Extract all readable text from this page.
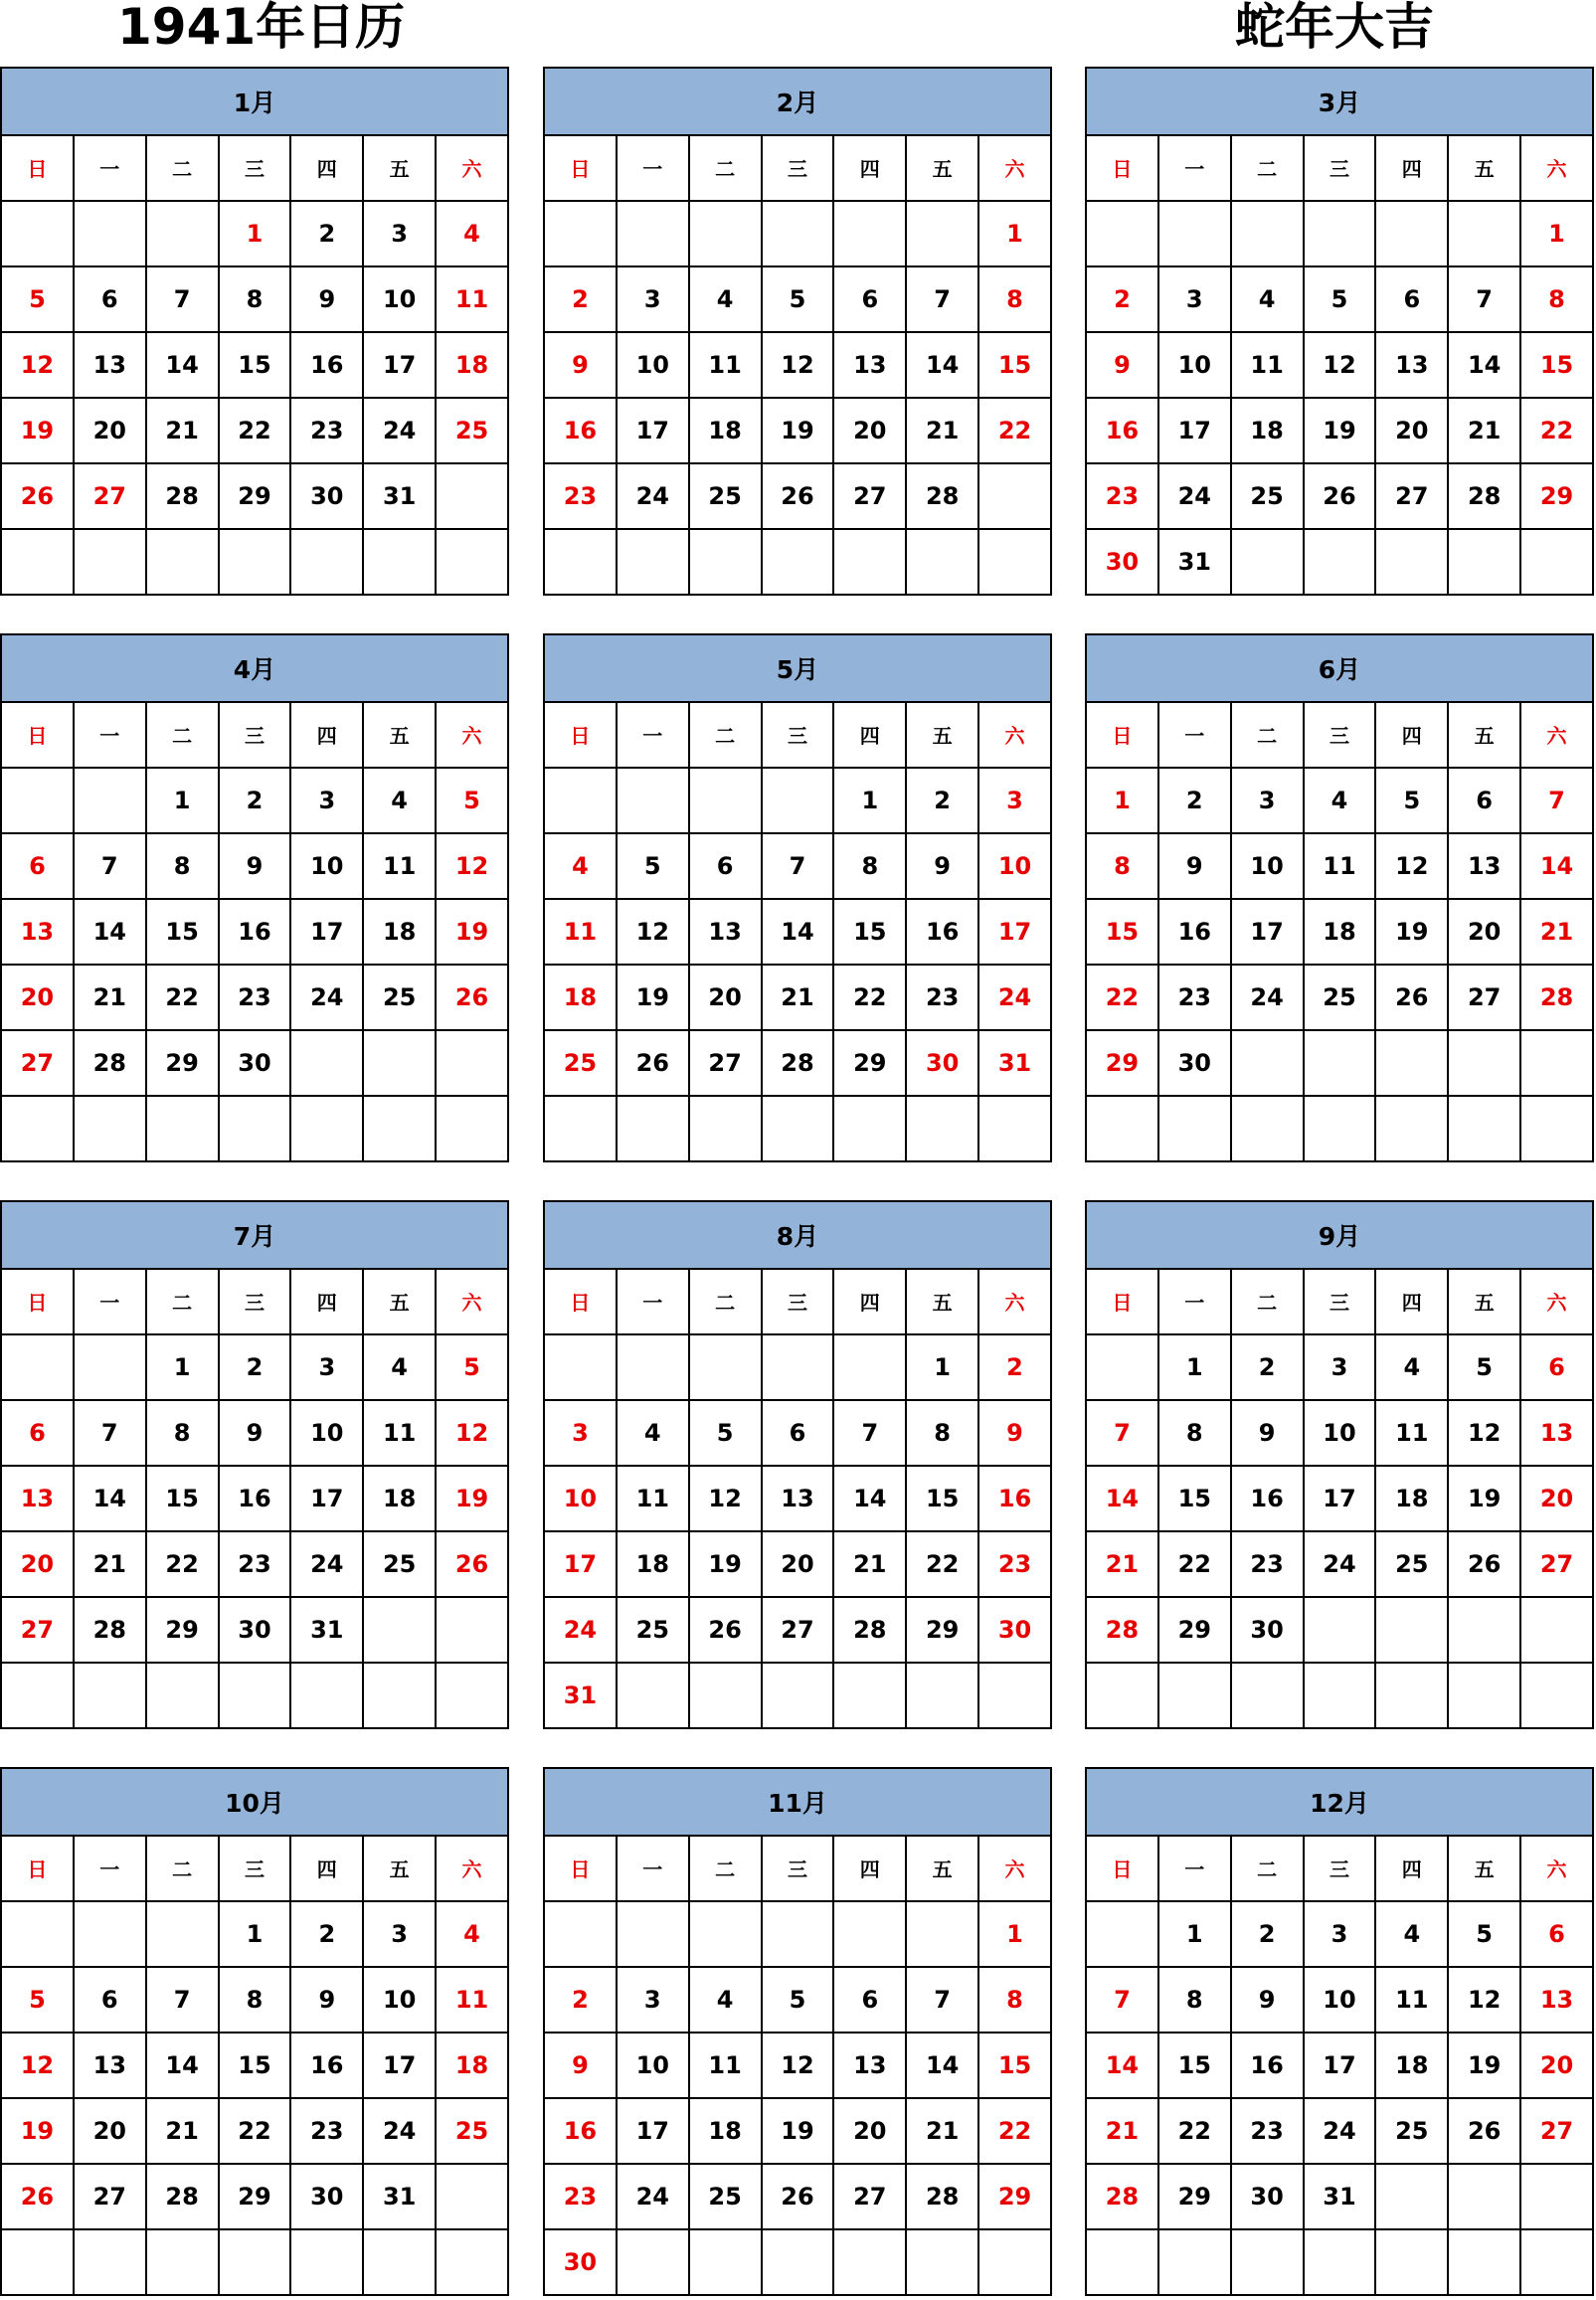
1941年日历	蛇年大吉
1月						
日	一	二	三	四	五	六
			1	2	3	4
5	6	7	8	9	10	11
12	13	14	15	16	17	18
19	20	21	22	23	24	25
26	27	28	29	30	31	

2月						
日	一	二	三	四	五	六
						1
2	3	4	5	6	7	8
9	10	11	12	13	14	15
16	17	18	19	20	21	22
23	24	25	26	27	28	

3月						
日	一	二	三	四	五	六
						1
2	3	4	5	6	7	8
9	10	11	12	13	14	15
16	17	18	19	20	21	22
23	24	25	26	27	28	29
30	31					
4月						
日	一	二	三	四	五	六
		1	2	3	4	5
6	7	8	9	10	11	12
13	14	15	16	17	18	19
20	21	22	23	24	25	26
27	28	29	30			

5月						
日	一	二	三	四	五	六
				1	2	3
4	5	6	7	8	9	10
11	12	13	14	15	16	17
18	19	20	21	22	23	24
25	26	27	28	29	30	31

6月						
日	一	二	三	四	五	六
1	2	3	4	5	6	7
8	9	10	11	12	13	14
15	16	17	18	19	20	21
22	23	24	25	26	27	28
29	30					

7月						
日	一	二	三	四	五	六
		1	2	3	4	5
6	7	8	9	10	11	12
13	14	15	16	17	18	19
20	21	22	23	24	25	26
27	28	29	30	31		

8月						
日	一	二	三	四	五	六
					1	2
3	4	5	6	7	8	9
10	11	12	13	14	15	16
17	18	19	20	21	22	23
24	25	26	27	28	29	30
31						
9月						
日	一	二	三	四	五	六
	1	2	3	4	5	6
7	8	9	10	11	12	13
14	15	16	17	18	19	20
21	22	23	24	25	26	27
28	29	30				

10月						
日	一	二	三	四	五	六
			1	2	3	4
5	6	7	8	9	10	11
12	13	14	15	16	17	18
19	20	21	22	23	24	25
26	27	28	29	30	31	

11月						
日	一	二	三	四	五	六
						1
2	3	4	5	6	7	8
9	10	11	12	13	14	15
16	17	18	19	20	21	22
23	24	25	26	27	28	29
30						
12月						
日	一	二	三	四	五	六
	1	2	3	4	5	6
7	8	9	10	11	12	13
14	15	16	17	18	19	20
21	22	23	24	25	26	27
28	29	30	31			
